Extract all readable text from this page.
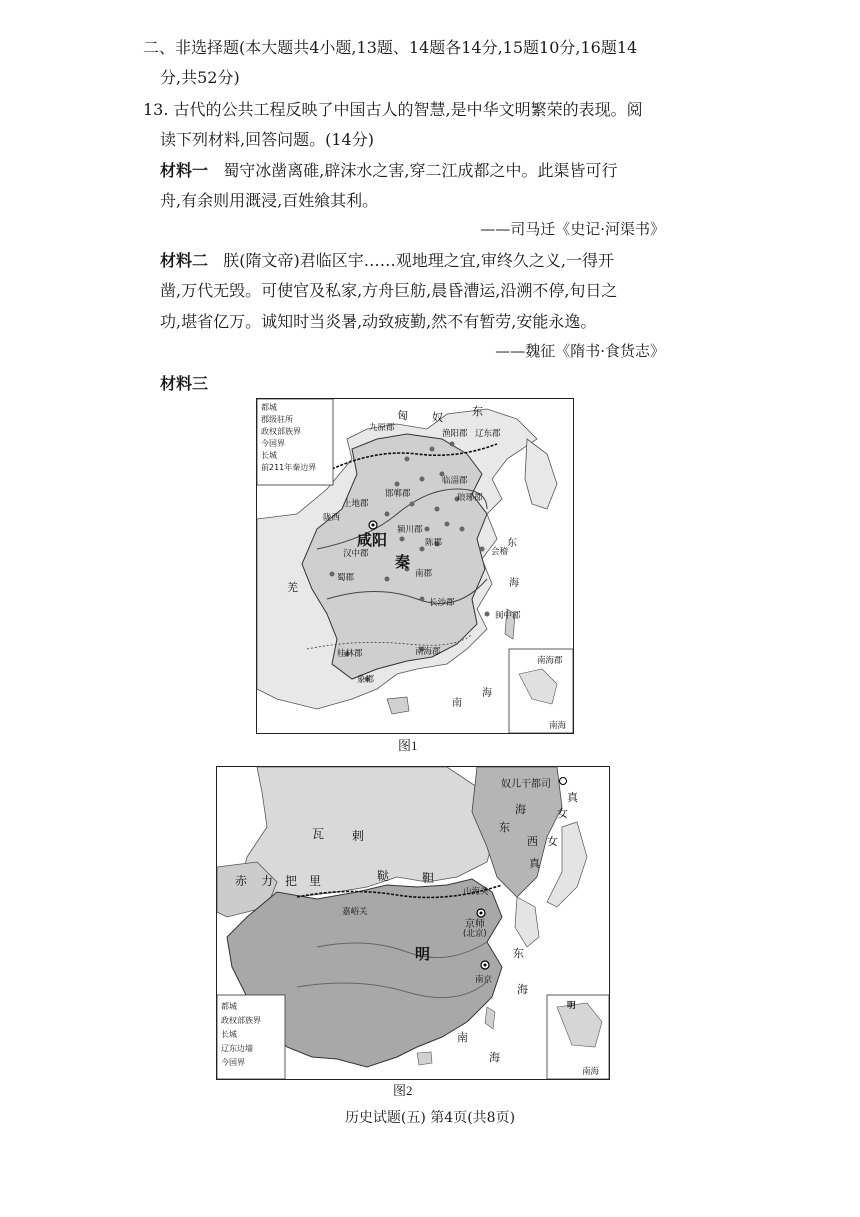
二、非选择题(本大题共4小题,13题、14题各14分,15题10分,16题14
分,共52分)
13. 古代的公共工程反映了中国古人的智慧,是中华文明繁荣的表现。阅
读下列材料,回答问题。(14分)
材料一 蜀守冰凿离碓,辟沫水之害,穿二江成都之中。此渠皆可行
舟,有余则用溉浸,百姓飨其利。
——司马迁《史记·河渠书》
材料二 朕(隋文帝)君临区宇……观地理之宜,审终久之义,一得开
凿,万代无毁。可使官及私家,方舟巨舫,晨昏漕运,沿溯不停,旬日之
功,堪省亿万。诚知时当炎暑,动致疲勤,然不有暂劳,安能永逸。
——魏征《隋书·食货志》
材料三
都城
郡级驻所
政权部族界
今国界
长城
前211年秦边界
匈 奴	东
九原郡
渔阳郡 辽东郡
上地郡
邯郸郡
临淄郡
琅琊郡
陇西
咸阳
颍川郡
陈郡
汉中郡 秦
会稽
蜀郡	南郡
长沙郡
闽中郡
羌
桂林郡	南海郡
象郡
南海郡
南海
东
海
南
海
图1
都城
政权部族界
长城
辽东边墙
今国界
奴儿干都司
真
女
海
东
西 女
真
瓦 剌
鞑	靼
赤 力 把 里
山海关
嘉峪关
京师
(北京)
明
南京
东
海
南
海
明
南海
图2
历史试题(五) 第4页(共8页)
